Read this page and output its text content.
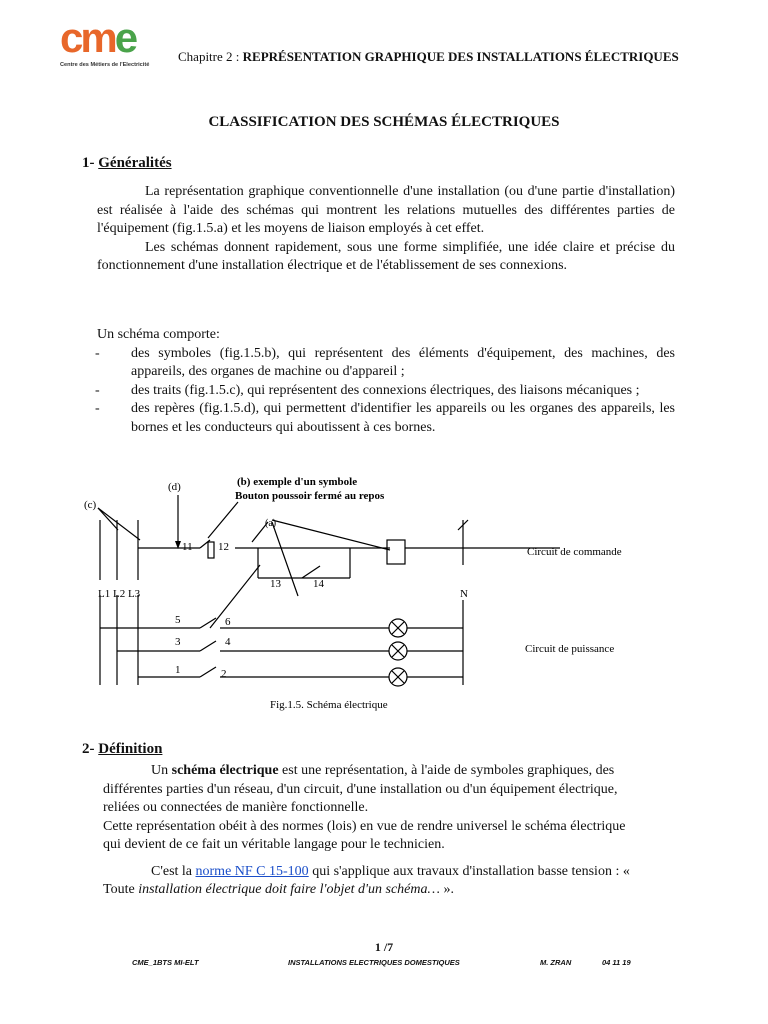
cme
Centre des Métiers de l'Electricité
Chapitre 2 : REPRÉSENTATION GRAPHIQUE DES INSTALLATIONS ÉLECTRIQUES
CLASSIFICATION DES SCHÉMAS ÉLECTRIQUES
1- Généralités

La représentation graphique conventionnelle d'une installation (ou d'une partie d'installation) est réalisée à l'aide des schémas qui montrent les relations mutuelles des différentes parties de l'équipement (fig.1.5.a) et les moyens de liaison employés à cet effet.

Les schémas donnent rapidement, sous une forme simplifiée, une idée claire et précise du fonctionnement d'une installation électrique et de l'établissement de ses connexions.

Un schéma comporte:

-	des symboles (fig.1.5.b), qui représentent des éléments d'équipement, des machines, des appareils, des organes de machine ou d'appareil ;
-	des traits (fig.1.5.c), qui représentent des connexions électriques, des liaisons mécaniques ;
-	des repères (fig.1.5.d), qui permettent d'identifier les appareils ou les organes des appareils, les bornes et les conducteurs qui aboutissent à ces bornes.
(c)
(d)
(a)
(b) exemple d'un symbole
Bouton poussoir fermé au repos
11 12
13	14
5	6
3	4
1	2
L1 L2 L3	N
Circuit de commande
Circuit de puissance
Fig.1.5. Schéma électrique
2- Définition

Un schéma électrique est une représentation, à l'aide de symboles graphiques, des différentes parties d'un réseau, d'un circuit, d'une installation ou d'un équipement électrique, reliées ou connectées de manière fonctionnelle.

Cette représentation obéit à des normes (lois) en vue de rendre universel le schéma électrique qui devient de ce fait un véritable langage pour le technicien.

C'est la norme NF C 15-100 qui s'applique aux travaux d'installation basse tension : « Toute installation électrique doit faire l'objet d'un schéma… ».

1 /7
CME_1BTS MI-ELT	INSTALLATIONS ELECTRIQUES DOMESTIQUES	M. ZRAN	04 11 19
